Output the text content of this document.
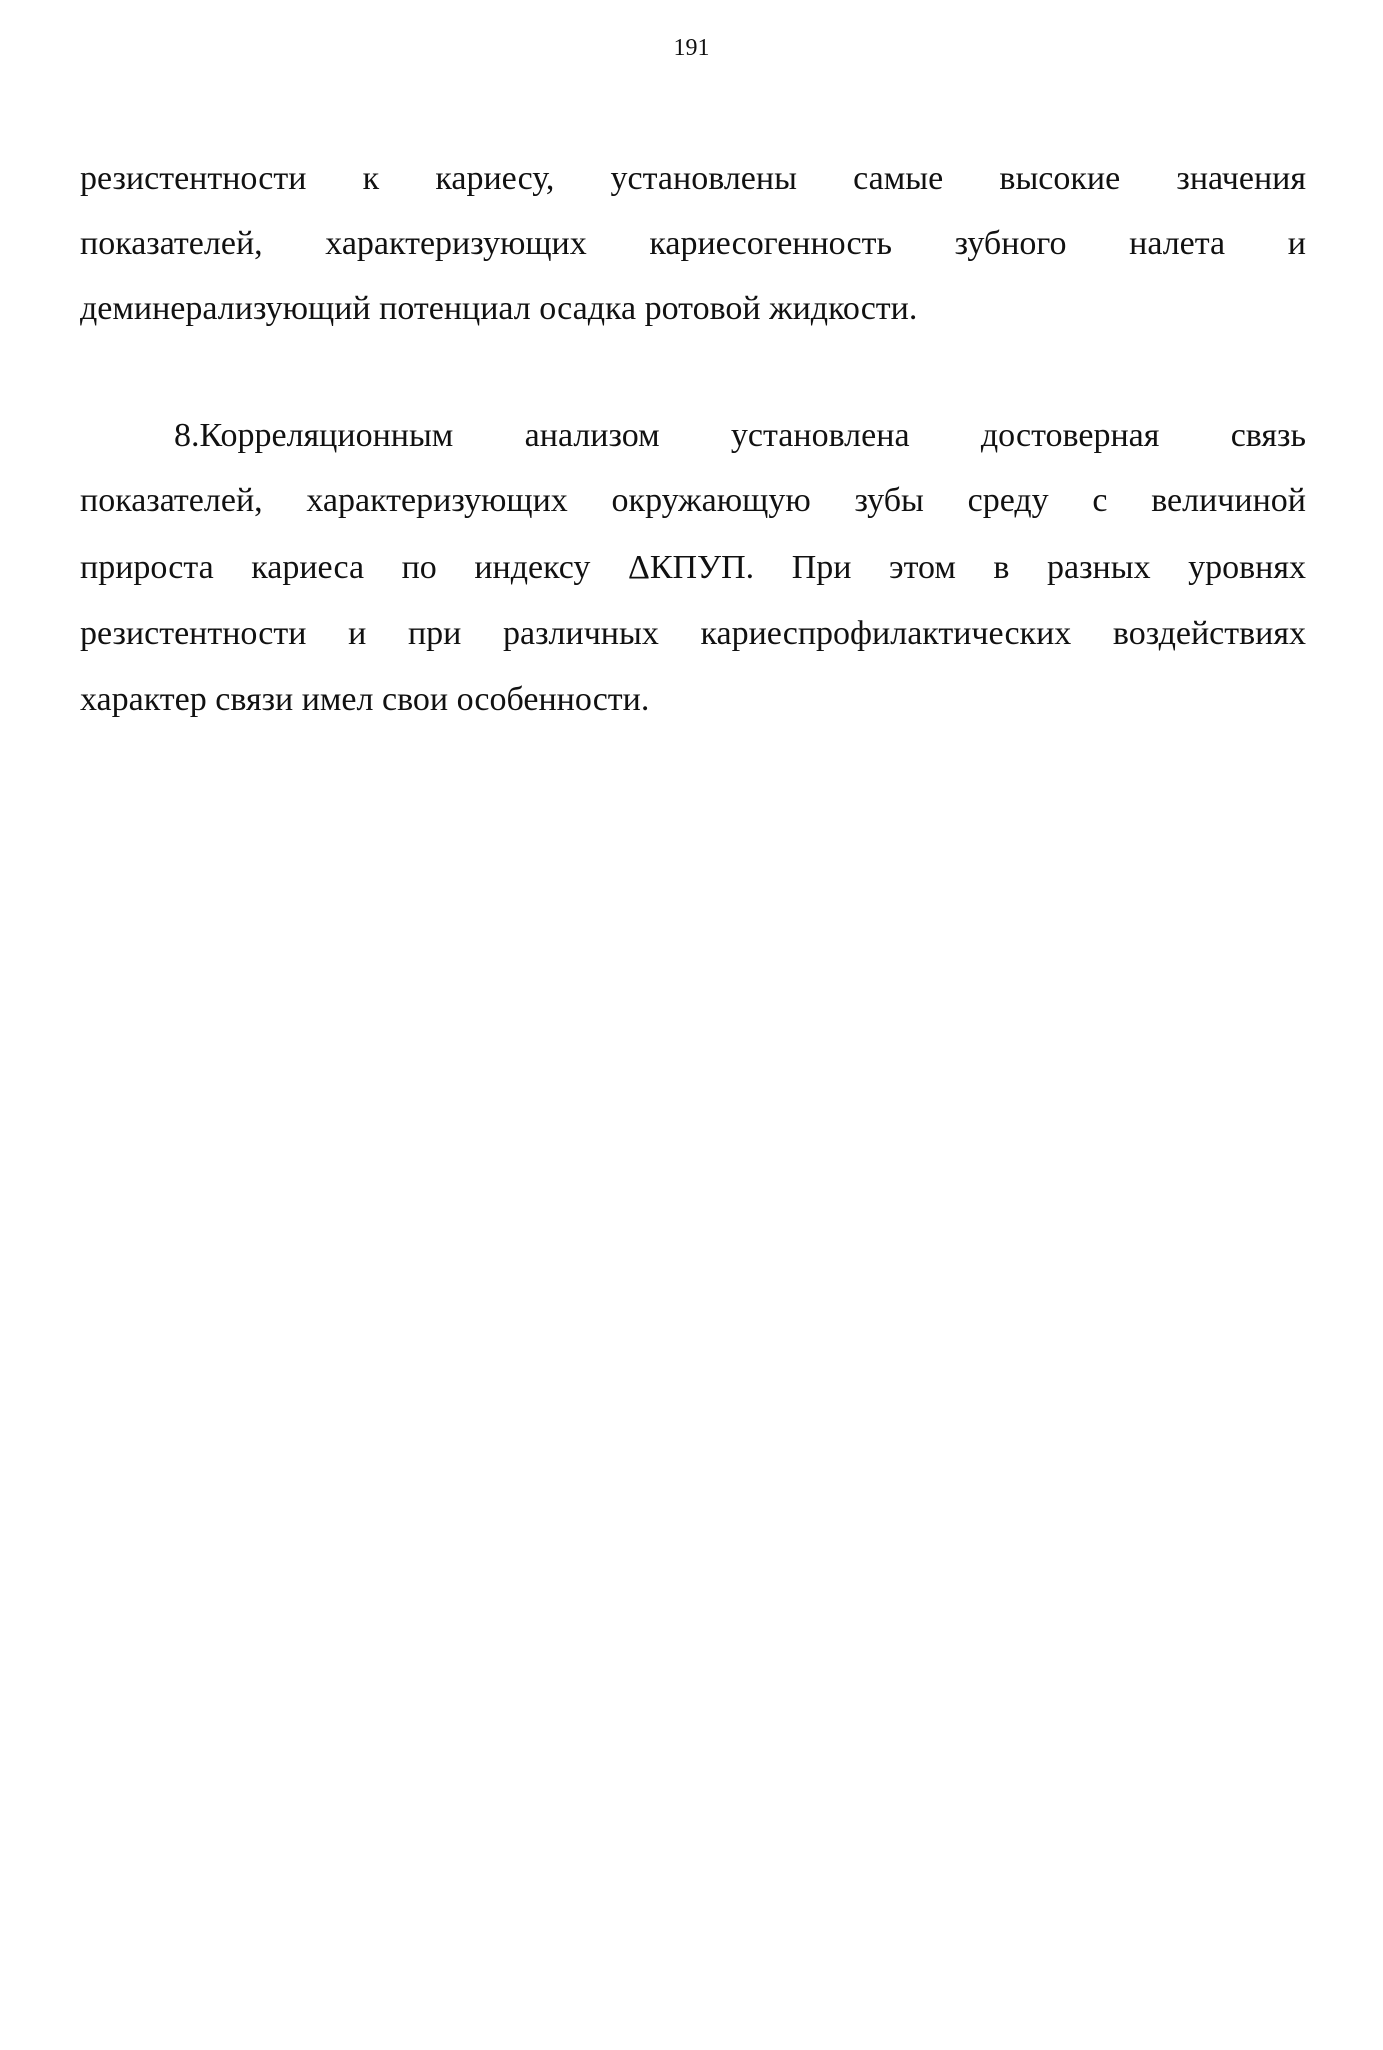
191
резистентности к кариесу, установлены самые высокие значения
показателей, характеризующих кариесогенность зубного налета и
деминерализующий потенциал осадка ротовой жидкости.
8.Корреляционным анализом установлена достоверная связь
показателей, характеризующих окружающую зубы среду с величиной
прироста кариеса по индексу ΔКПУП. При этом в разных уровнях
резистентности и при различных кариеспрофилактических воздействиях
характер связи имел свои особенности.
